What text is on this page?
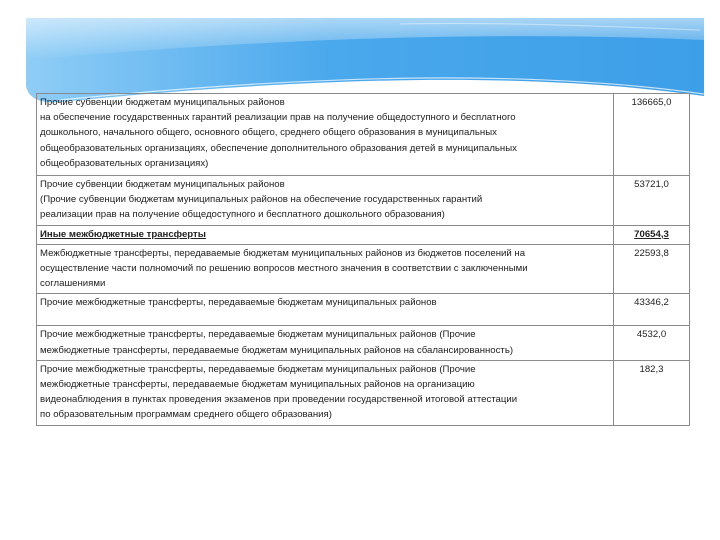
Прочие субвенции бюджетам муниципальных районов
на обеспечение государственных гарантий реализации прав на получение общедоступного и бесплатного
дошкольного, начального общего, основного общего, среднего общего образования в муниципальных
общеобразовательных организациях, обеспечение дополнительного образования детей в муниципальных
общеобразовательных организациях)	136665,0

Прочие субвенции бюджетам муниципальных районов
(Прочие субвенции бюджетам муниципальных районов на обеспечение государственных гарантий
реализации прав на получение общедоступного и бесплатного дошкольного образования)	53721,0

Иные межбюджетные трансферты	70654,3

Межбюджетные трансферты, передаваемые бюджетам муниципальных районов из бюджетов поселений на
осуществление части полномочий по решению вопросов местного значения в соответствии с заключенными
соглашениями	22593,8

Прочие межбюджетные трансферты, передаваемые бюджетам муниципальных районов	43346,2

Прочие межбюджетные трансферты, передаваемые бюджетам муниципальных районов (Прочие
межбюджетные трансферты, передаваемые бюджетам муниципальных районов на сбалансированность)	4532,0

Прочие межбюджетные трансферты, передаваемые бюджетам муниципальных районов (Прочие
межбюджетные трансферты, передаваемые бюджетам муниципальных районов на организацию
видеонаблюдения в пунктах проведения экзаменов при проведении государственной итоговой аттестации
по образовательным программам среднего общего образования)	182,3
